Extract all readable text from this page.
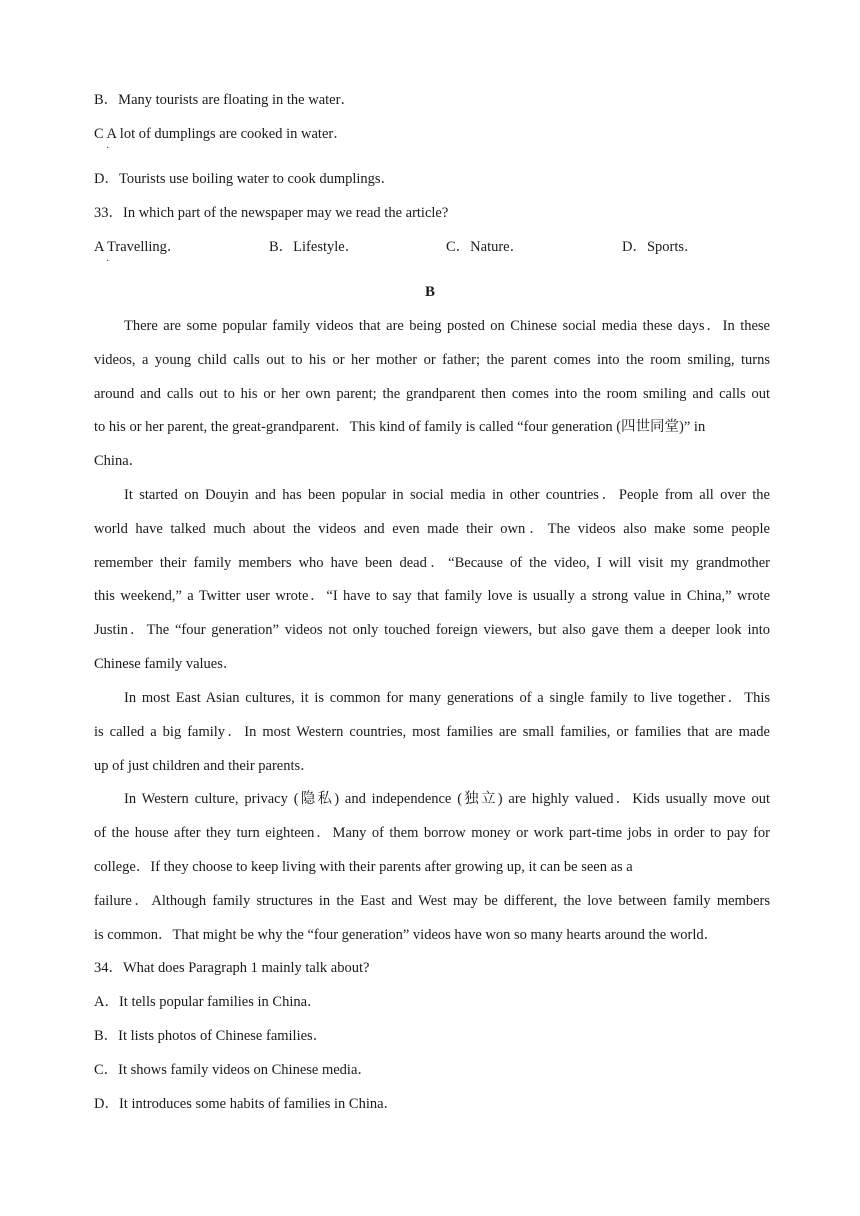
B．Many tourists are floating in the water．
C A lot of dumplings are cooked in water．
·
D．Tourists use boiling water to cook dumplings．
33．In which part of the newspaper may we read the article?
A Travelling．	B．Lifestyle．	C．Nature．	D．Sports．
·
B
There are some popular family videos that are being posted on Chinese social media these days．In these
videos, a young child calls out to his or her mother or father; the parent comes into the room smiling, turns
around and calls out to his or her own parent; the grandparent then comes into the room smiling and calls out
to his or her parent, the great-grandparent．This kind of family is called “four generation (四世同堂)” in
China．
It started on Douyin and has been popular in social media in other countries．People from all over the
world have talked much about the videos and even made their own．The videos also make some people
remember their family members who have been dead．“Because of the video, I will visit my grandmother
this weekend,” a Twitter user wrote．“I have to say that family love is usually a strong value in China,” wrote
Justin．The “four generation” videos not only touched foreign viewers, but also gave them a deeper look into
Chinese family values．
In most East Asian cultures, it is common for many generations of a single family to live together．This
is called a big family．In most Western countries, most families are small families, or families that are made
up of just children and their parents．
In Western culture, privacy (隐私) and independence (独立) are highly valued．Kids usually move out
of the house after they turn eighteen．Many of them borrow money or work part-time jobs in order to pay for
college．If they choose to keep living with their parents after growing up, it can be seen as a
failure．Although family structures in the East and West may be different, the love between family members
is common．That might be why the “four generation” videos have won so many hearts around the world．
34．What does Paragraph 1 mainly talk about?
A．It tells popular families in China．
B．It lists photos of Chinese families．
C．It shows family videos on Chinese media．
D．It introduces some habits of families in China．
